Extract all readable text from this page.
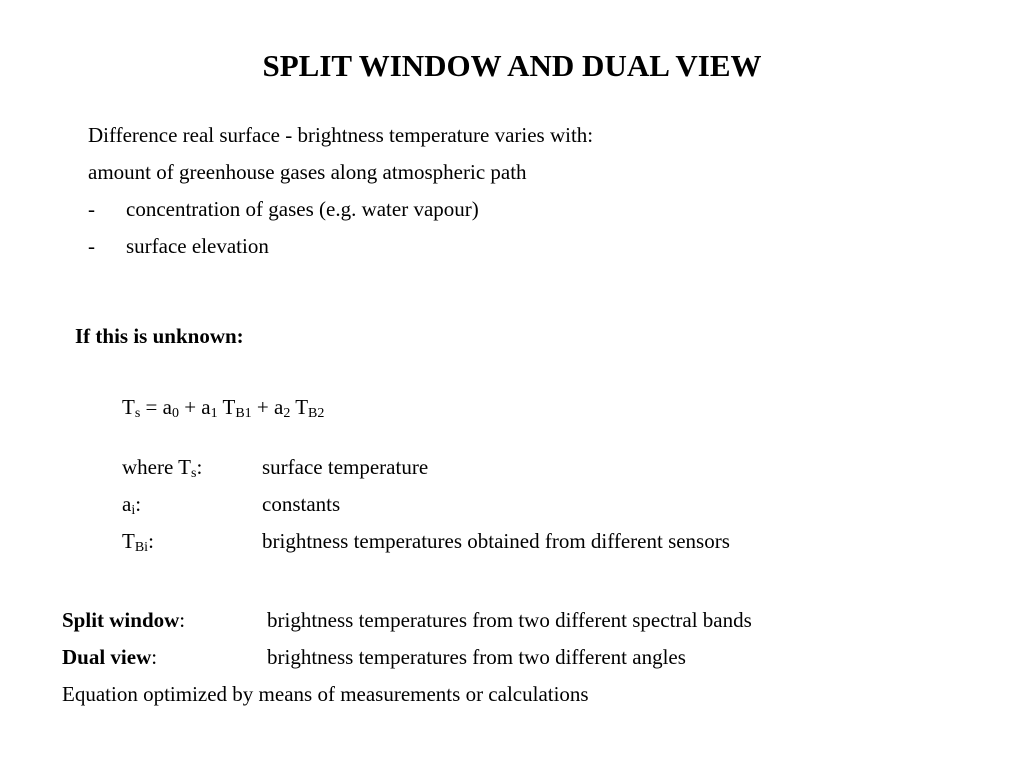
SPLIT WINDOW AND DUAL VIEW
Difference real surface - brightness temperature varies with:
amount of greenhouse gases along atmospheric path
- concentration of gases (e.g. water vapour)
- surface elevation
If this is unknown:
$T_s = a_0 + a_1$ $T_{B1} + a_2$ $T_{B2}$
where $T_s$:	surface temperature
$a_i$:	constants
$T_{Bi}$:	brightness temperatures obtained from different sensors
Split window:	brightness temperatures from two different spectral bands
Dual view:	brightness temperatures from two different angles
Equation optimized by means of measurements or calculations
